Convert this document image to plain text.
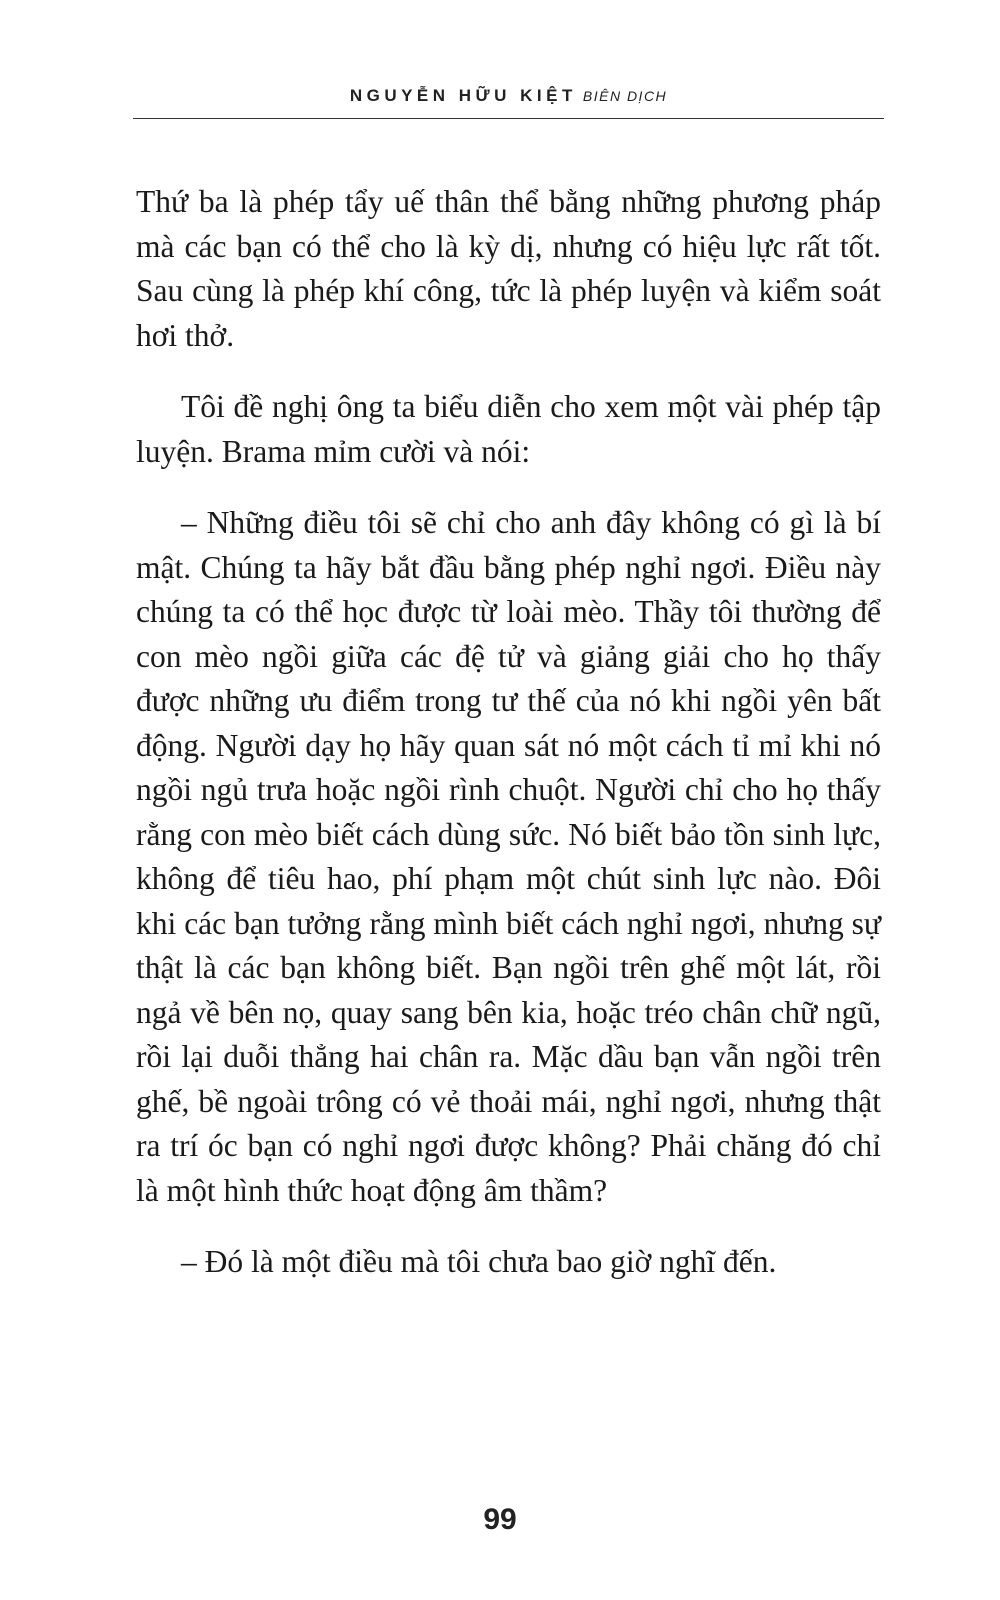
NGUYỄN HỮU KIỆT BIÊN DỊCH

Thứ ba là phép tẩy uế thân thể bằng những phương pháp mà các bạn có thể cho là kỳ dị, nhưng có hiệu lực rất tốt. Sau cùng là phép khí công, tức là phép luyện và kiểm soát hơi thở.

Tôi đề nghị ông ta biểu diễn cho xem một vài phép tập luyện. Brama mỉm cười và nói:

– Những điều tôi sẽ chỉ cho anh đây không có gì là bí mật. Chúng ta hãy bắt đầu bằng phép nghỉ ngơi. Điều này chúng ta có thể học được từ loài mèo. Thầy tôi thường để con mèo ngồi giữa các đệ tử và giảng giải cho họ thấy được những ưu điểm trong tư thế của nó khi ngồi yên bất động. Người dạy họ hãy quan sát nó một cách tỉ mỉ khi nó ngồi ngủ trưa hoặc ngồi rình chuột. Người chỉ cho họ thấy rằng con mèo biết cách dùng sức. Nó biết bảo tồn sinh lực, không để tiêu hao, phí phạm một chút sinh lực nào. Đôi khi các bạn tưởng rằng mình biết cách nghỉ ngơi, nhưng sự thật là các bạn không biết. Bạn ngồi trên ghế một lát, rồi ngả về bên nọ, quay sang bên kia, hoặc tréo chân chữ ngũ, rồi lại duỗi thẳng hai chân ra. Mặc dầu bạn vẫn ngồi trên ghế, bề ngoài trông có vẻ thoải mái, nghỉ ngơi, nhưng thật ra trí óc bạn có nghỉ ngơi được không? Phải chăng đó chỉ là một hình thức hoạt động âm thầm?

– Đó là một điều mà tôi chưa bao giờ nghĩ đến.

99
